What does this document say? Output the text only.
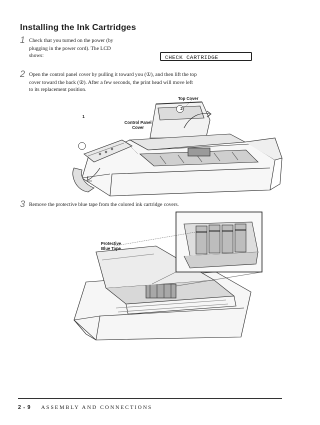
Installing the Ink Cartridges
1 Check that you turned on the power (by
plugging in the power cord). The LCD
shows:	CHECK CARTRIDGE
2 Open the control panel cover by pulling it toward you (①), and then lift the top
cover toward the back (②). After a few seconds, the print head will move left
to its replacement position.
1
2
Top Cover
Control Panel
Cover
3 Remove the protective blue tape from the colored ink cartridge covers.
Protective
Blue Tape
2 - 9 ASSEMBLY AND CONNECTIONS
